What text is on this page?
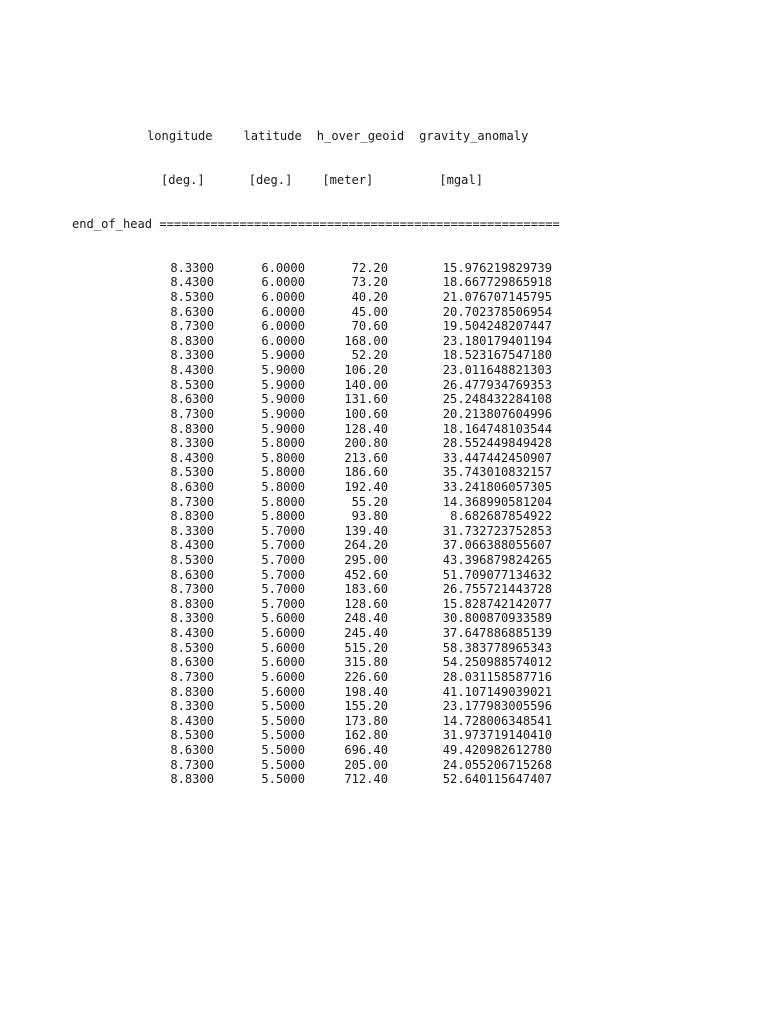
longitude	latitude h_over_geoid gravity_anomaly

[deg.]	[deg.] [meter]	[mgal]

end_of_head =======================================================

8.3300	6.0000	72.20	15.976219829739
8.4300	6.0000	73.20	18.667729865918
8.5300	6.0000	40.20	21.076707145795
8.6300	6.0000	45.00	20.702378506954
8.7300	6.0000	70.60	19.504248207447
8.8300	6.0000	168.00	23.180179401194
8.3300	5.9000	52.20	18.523167547180
8.4300	5.9000	106.20	23.011648821303
8.5300	5.9000	140.00	26.477934769353
8.6300	5.9000	131.60	25.248432284108
8.7300	5.9000	100.60	20.213807604996
8.8300	5.9000	128.40	18.164748103544
8.3300	5.8000	200.80	28.552449849428
8.4300	5.8000	213.60	33.447442450907
8.5300	5.8000	186.60	35.743010832157
8.6300	5.8000	192.40	33.241806057305
8.7300	5.8000	55.20	14.368990581204
8.8300	5.8000	93.80	8.682687854922
8.3300	5.7000	139.40	31.732723752853
8.4300	5.7000	264.20	37.066388055607
8.5300	5.7000	295.00	43.396879824265
8.6300	5.7000	452.60	51.709077134632
8.7300	5.7000	183.60	26.755721443728
8.8300	5.7000	128.60	15.828742142077
8.3300	5.6000	248.40	30.800870933589
8.4300	5.6000	245.40	37.647886885139
8.5300	5.6000	515.20	58.383778965343
8.6300	5.6000	315.80	54.250988574012
8.7300	5.6000	226.60	28.031158587716
8.8300	5.6000	198.40	41.107149039021
8.3300	5.5000	155.20	23.177983005596
8.4300	5.5000	173.80	14.728006348541
8.5300	5.5000	162.80	31.973719140410
8.6300	5.5000	696.40	49.420982612780
8.7300	5.5000	205.00	24.055206715268
8.8300	5.5000	712.40	52.640115647407
